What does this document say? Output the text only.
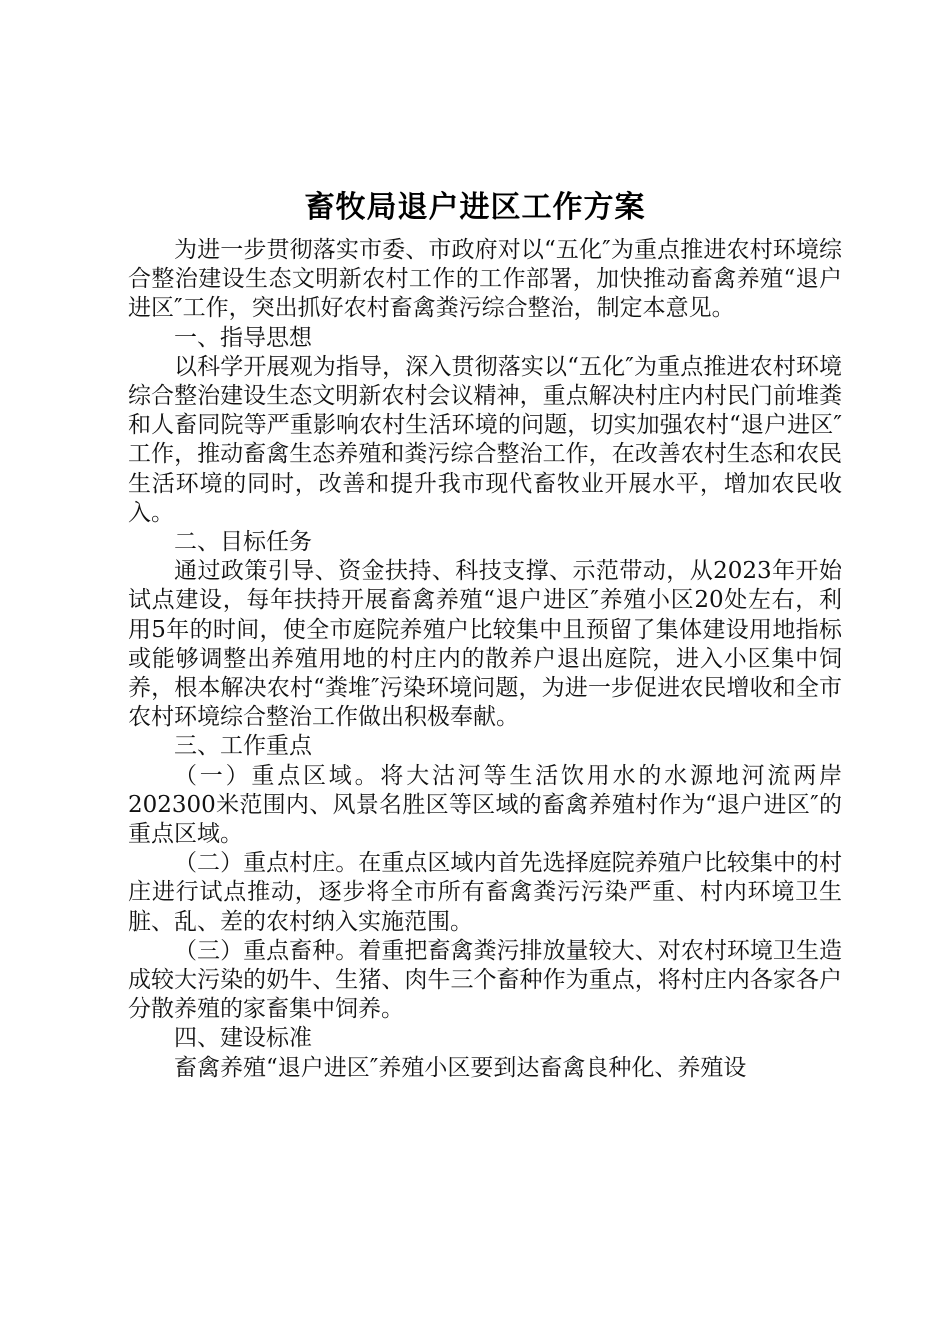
畜牧局退户进区工作方案

为进一步贯彻落实市委、市政府对以“五化″为重点推进农村环境综合整治建设生态文明新农村工作的工作部署，加快推动畜禽养殖“退户进区″工作，突出抓好农村畜禽粪污综合整治，制定本意见。

一、指导思想

以科学开展观为指导，深入贯彻落实以“五化″为重点推进农村环境综合整治建设生态文明新农村会议精神，重点解决村庄内村民门前堆粪和人畜同院等严重影响农村生活环境的问题，切实加强农村“退户进区″工作，推动畜禽生态养殖和粪污综合整治工作，在改善农村生态和农民生活环境的同时，改善和提升我市现代畜牧业开展水平，增加农民收入。

二、目标任务

通过政策引导、资金扶持、科技支撑、示范带动，从2023年开始试点建设，每年扶持开展畜禽养殖“退户进区″养殖小区20处左右，利用5年的时间，使全市庭院养殖户比较集中且预留了集体建设用地指标或能够调整出养殖用地的村庄内的散养户退出庭院，进入小区集中饲养，根本解决农村“粪堆″污染环境问题，为进一步促进农民增收和全市农村环境综合整治工作做出积极奉献。

三、工作重点

（一）重点区域。将大沽河等生活饮用水的水源地河流两岸202300米范围内、风景名胜区等区域的畜禽养殖村作为“退户进区″的重点区域。

（二）重点村庄。在重点区域内首先选择庭院养殖户比较集中的村庄进行试点推动，逐步将全市所有畜禽粪污污染严重、村内环境卫生脏、乱、差的农村纳入实施范围。

（三）重点畜种。着重把畜禽粪污排放量较大、对农村环境卫生造成较大污染的奶牛、生猪、肉牛三个畜种作为重点，将村庄内各家各户分散养殖的家畜集中饲养。

四、建设标准

畜禽养殖“退户进区″养殖小区要到达畜禽良种化、养殖设
